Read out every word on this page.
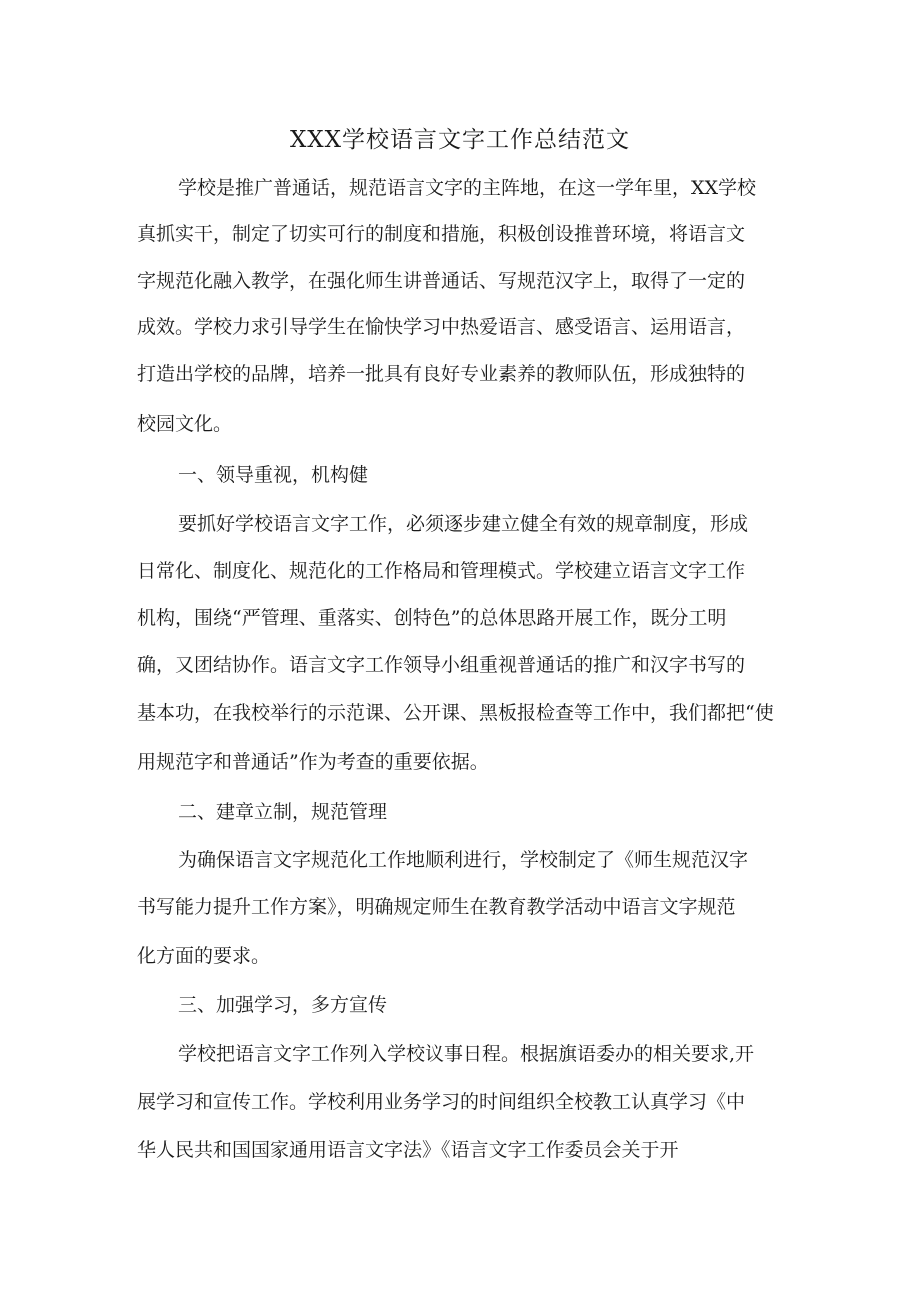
XXX学校语言文字工作总结范文

学校是推广普通话，规范语言文字的主阵地，在这一学年里，XX学校

真抓实干，制定了切实可行的制度和措施，积极创设推普环境，将语言文

字规范化融入教学，在强化师生讲普通话、写规范汉字上，取得了一定的

成效。学校力求引导学生在愉快学习中热爱语言、感受语言、运用语言，

打造出学校的品牌，培养一批具有良好专业素养的教师队伍，形成独特的

校园文化。

一、领导重视，机构健

要抓好学校语言文字工作，必须逐步建立健全有效的规章制度，形成

日常化、制度化、规范化的工作格局和管理模式。学校建立语言文字工作

机构，围绕“严管理、重落实、创特色”的总体思路开展工作，既分工明

确，又团结协作。语言文字工作领导小组重视普通话的推广和汉字书写的

基本功，在我校举行的示范课、公开课、黑板报检查等工作中，我们都把“使

用规范字和普通话”作为考查的重要依据。

二、建章立制，规范管理

为确保语言文字规范化工作地顺利进行，学校制定了《师生规范汉字

书写能力提升工作方案》，明确规定师生在教育教学活动中语言文字规范

化方面的要求。

三、加强学习，多方宣传

学校把语言文字工作列入学校议事日程。根据旗语委办的相关要求,开

展学习和宣传工作。学校利用业务学习的时间组织全校教工认真学习《中

华人民共和国国家通用语言文字法》《语言文字工作委员会关于开
